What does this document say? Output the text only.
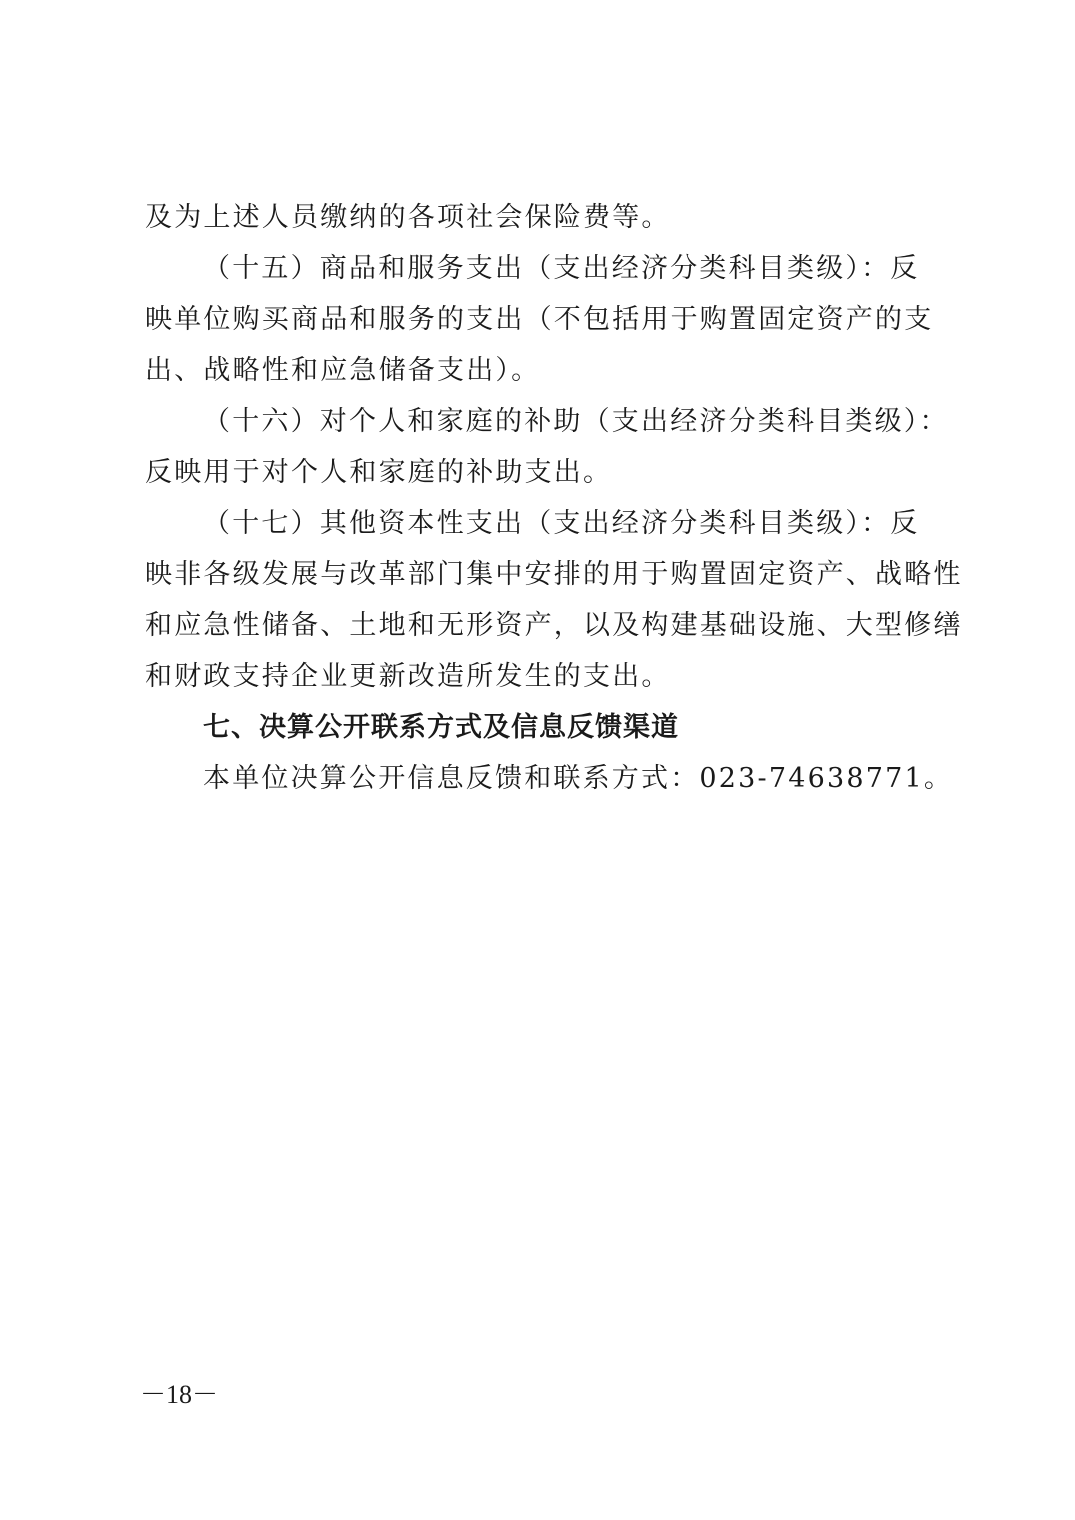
及为上述人员缴纳的各项社会保险费等。
（十五）商品和服务支出（支出经济分类科目类级）：反
映单位购买商品和服务的支出（不包括用于购置固定资产的支
出、战略性和应急储备支出）。
（十六）对个人和家庭的补助（支出经济分类科目类级）：
反映用于对个人和家庭的补助支出。
（十七）其他资本性支出（支出经济分类科目类级）：反
映非各级发展与改革部门集中安排的用于购置固定资产、战略性
和应急性储备、土地和无形资产，以及构建基础设施、大型修缮
和财政支持企业更新改造所发生的支出。
七、决算公开联系方式及信息反馈渠道
本单位决算公开信息反馈和联系方式：023-74638771。
－18－
